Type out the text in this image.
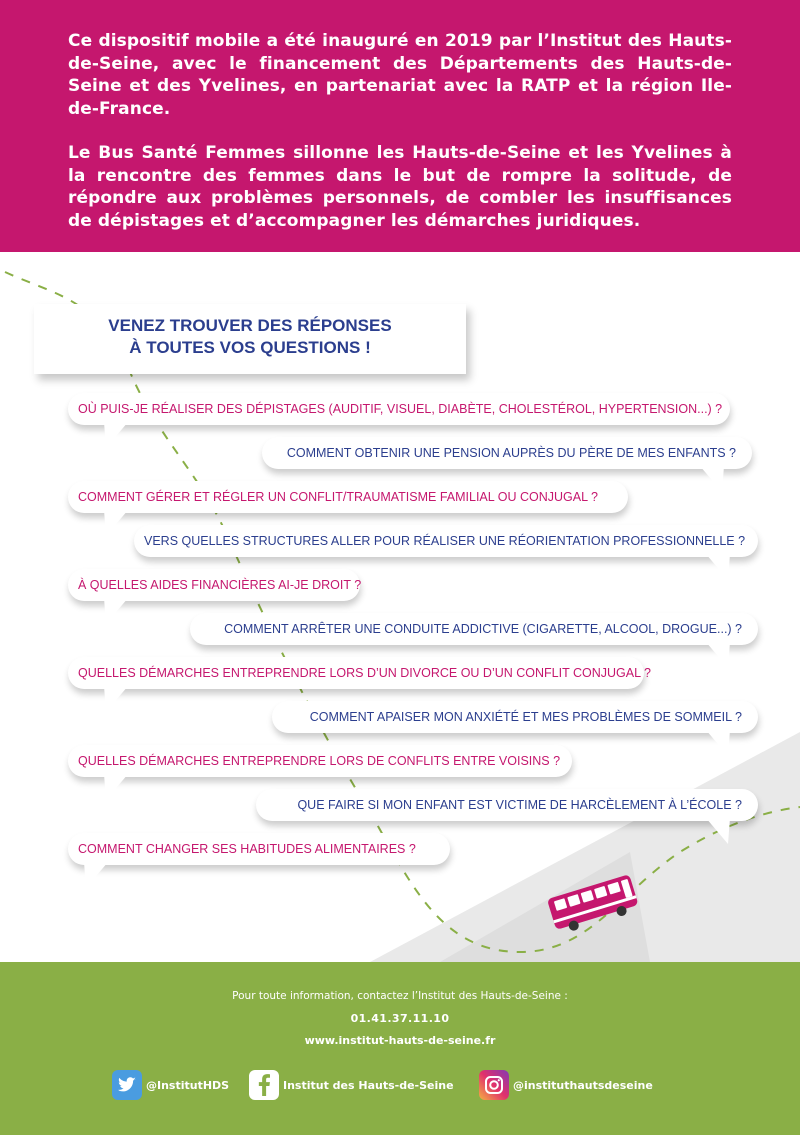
Ce dispositif mobile a été inauguré en 2019 par l’Institut des Hauts-de-Seine, avec le financement des Départements des Hauts-de-Seine et des Yvelines, en partenariat avec la RATP et la région Ile-de-France.

Le Bus Santé Femmes sillonne les Hauts-de-Seine et les Yvelines à la rencontre des femmes dans le but de rompre la solitude, de répondre aux problèmes personnels, de combler les insuffisances de dépistages et d’accompagner les démarches juridiques.

VENEZ TROUVER DES RÉPONSES
À TOUTES VOS QUESTIONS !
OÙ PUIS-JE RÉALISER DES DÉPISTAGES (AUDITIF, VISUEL, DIABÈTE, CHOLESTÉROL, HYPERTENSION...) ?
COMMENT OBTENIR UNE PENSION AUPRÈS DU PÈRE DE MES ENFANTS ?
COMMENT GÉRER ET RÉGLER UN CONFLIT/TRAUMATISME FAMILIAL OU CONJUGAL ?
VERS QUELLES STRUCTURES ALLER POUR RÉALISER UNE RÉORIENTATION PROFESSIONNELLE ?
À QUELLES AIDES FINANCIÈRES AI-JE DROIT ?
COMMENT ARRÊTER UNE CONDUITE ADDICTIVE (CIGARETTE, ALCOOL, DROGUE...) ?
QUELLES DÉMARCHES ENTREPRENDRE LORS D’UN DIVORCE OU D’UN CONFLIT CONJUGAL ?
COMMENT APAISER MON ANXIÉTÉ ET MES PROBLÈMES DE SOMMEIL ?
QUELLES DÉMARCHES ENTREPRENDRE LORS DE CONFLITS ENTRE VOISINS ?
QUE FAIRE SI MON ENFANT EST VICTIME DE HARCÈLEMENT À L’ÉCOLE ?
COMMENT CHANGER SES HABITUDES ALIMENTAIRES ?
Pour toute information, contactez l’Institut des Hauts-de-Seine :
01.41.37.11.10
www.institut-hauts-de-seine.fr
@InstitutHDS	Institut des Hauts-de-Seine	@instituthautsdeseine
